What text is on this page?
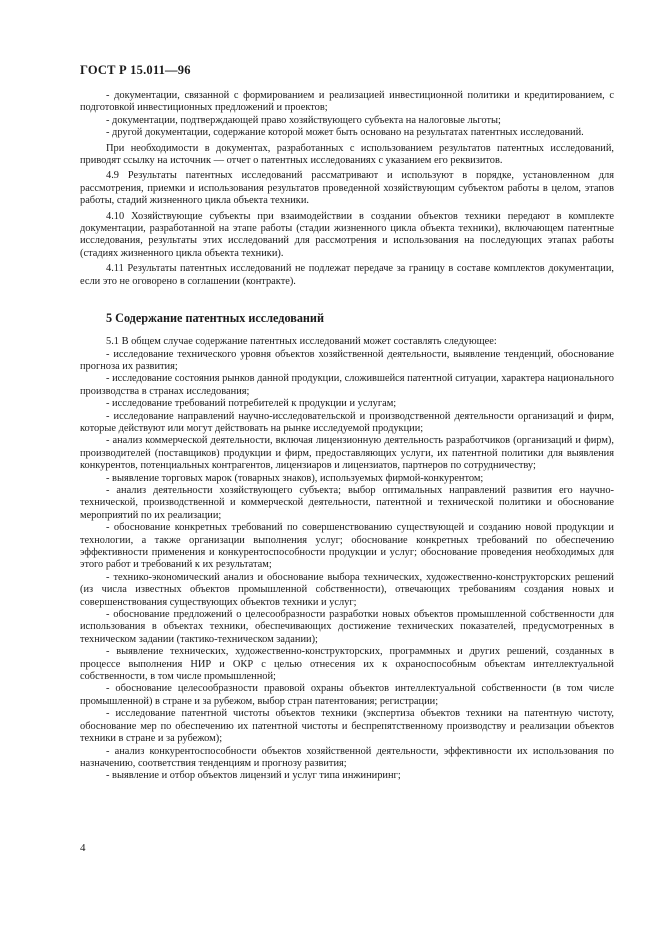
ГОСТ Р 15.011—96

- документации, связанной с формированием и реализацией инвестиционной политики и кредитированием, с подготовкой инвестиционных предложений и проектов;

- документации, подтверждающей право хозяйствующего субъекта на налоговые льготы;

- другой документации, содержание которой может быть основано на результатах патентных исследований.

При необходимости в документах, разработанных с использованием результатов патентных исследований, приводят ссылку на источник — отчет о патентных исследованиях с указанием его реквизитов.

4.9 Результаты патентных исследований рассматривают и используют в порядке, установленном для рассмотрения, приемки и использования результатов проведенной хозяйствующим субъектом работы в целом, этапов работы, стадий жизненного цикла объекта техники.

4.10 Хозяйствующие субъекты при взаимодействии в создании объектов техники передают в комплекте документации, разработанной на этапе работы (стадии жизненного цикла объекта техники), включающем патентные исследования, результаты этих исследований для рассмотрения и использования на последующих этапах работы (стадиях жизненного цикла объекта техники).

4.11 Результаты патентных исследований не подлежат передаче за границу в составе комплектов документации, если это не оговорено в соглашении (контракте).

5 Содержание патентных исследований

5.1 В общем случае содержание патентных исследований может составлять следующее:

- исследование технического уровня объектов хозяйственной деятельности, выявление тенденций, обоснование прогноза их развития;

- исследование состояния рынков данной продукции, сложившейся патентной ситуации, характера национального производства в странах исследования;

- исследование требований потребителей к продукции и услугам;

- исследование направлений научно-исследовательской и производственной деятельности организаций и фирм, которые действуют или могут действовать на рынке исследуемой продукции;

- анализ коммерческой деятельности, включая лицензионную деятельность разработчиков (организаций и фирм), производителей (поставщиков) продукции и фирм, предоставляющих услуги, их патентной политики для выявления конкурентов, потенциальных контрагентов, лицензиаров и лицензиатов, партнеров по сотрудничеству;

- выявление торговых марок (товарных знаков), используемых фирмой-конкурентом;

- анализ деятельности хозяйствующего субъекта; выбор оптимальных направлений развития его научно-технической, производственной и коммерческой деятельности, патентной и технической политики и обоснование мероприятий по их реализации;

- обоснование конкретных требований по совершенствованию существующей и созданию новой продукции и технологии, а также организации выполнения услуг; обоснование конкретных требований по обеспечению эффективности применения и конкурентоспособности продукции и услуг; обоснование проведения необходимых для этого работ и требований к их результатам;

- технико-экономический анализ и обоснование выбора технических, художественно-конструкторских решений (из числа известных объектов промышленной собственности), отвечающих требованиям создания новых и совершенствования существующих объектов техники и услуг;

- обоснование предложений о целесообразности разработки новых объектов промышленной собственности для использования в объектах техники, обеспечивающих достижение технических показателей, предусмотренных в техническом задании (тактико-техническом задании);

- выявление технических, художественно-конструкторских, программных и других решений, созданных в процессе выполнения НИР и ОКР с целью отнесения их к охраноспособным объектам интеллектуальной собственности, в том числе промышленной;

- обоснование целесообразности правовой охраны объектов интеллектуальной собственности (в том числе промышленной) в стране и за рубежом, выбор стран патентования; регистрации;

- исследование патентной чистоты объектов техники (экспертиза объектов техники на патентную чистоту, обоснование мер по обеспечению их патентной чистоты и беспрепятственному производству и реализации объектов техники в стране и за рубежом);

- анализ конкурентоспособности объектов хозяйственной деятельности, эффективности их использования по назначению, соответствия тенденциям и прогнозу развития;

- выявление и отбор объектов лицензий и услуг типа инжиниринг;

4
